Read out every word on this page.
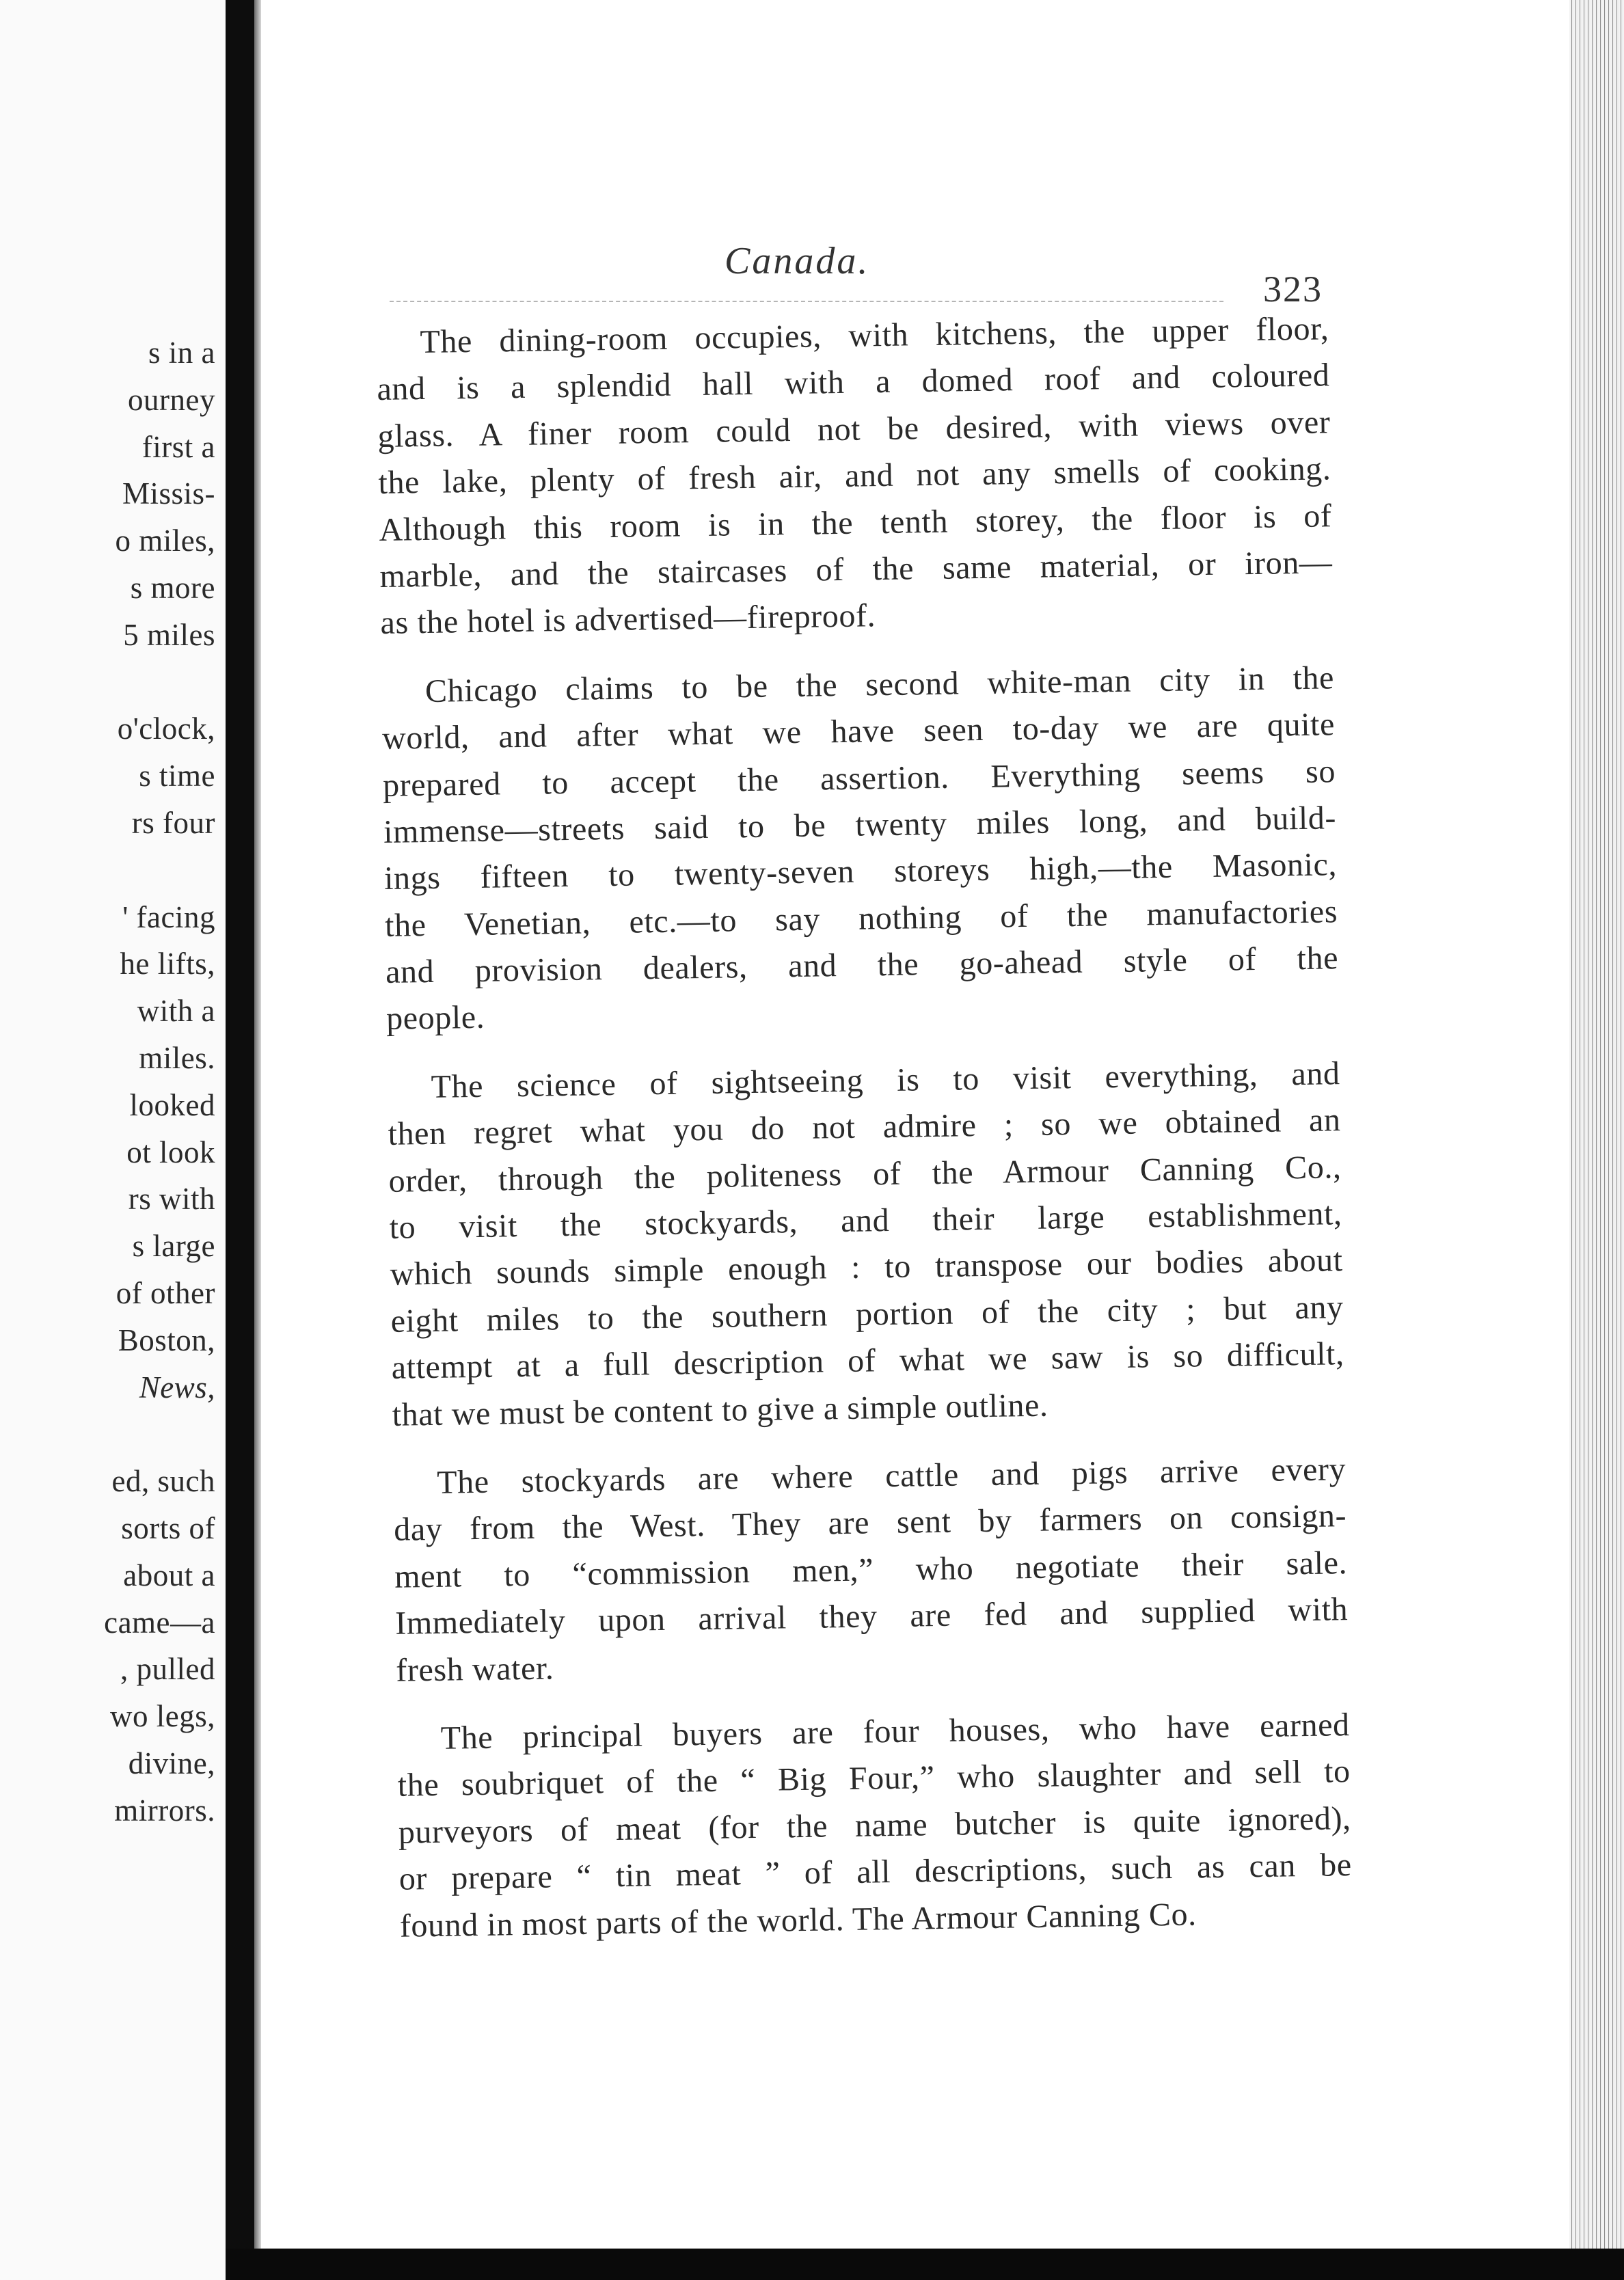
s in a
ourney
first a
Missis-
o miles,
s more
5 miles
o'clock,
s time
rs four
' facing
he lifts,
with a
miles.
looked
ot look
rs with
s large
of other
Boston,
News,
ed, such
sorts of
about a
came—a
, pulled
wo legs,
divine,
mirrors.
Canada.
323
The dining-room occupies, with kitchens, the upper floor,
and is a splendid hall with a domed roof and coloured
glass. A finer room could not be desired, with views over
the lake, plenty of fresh air, and not any smells of cooking.
Although this room is in the tenth storey, the floor is of
marble, and the staircases of the same material, or iron—
as the hotel is advertised—fireproof.
Chicago claims to be the second white-man city in the
world, and after what we have seen to-day we are quite
prepared to accept the assertion. Everything seems so
immense—streets said to be twenty miles long, and build-
ings fifteen to twenty-seven storeys high,—the Masonic,
the Venetian, etc.—to say nothing of the manufactories
and provision dealers, and the go-ahead style of the
people.
The science of sightseeing is to visit everything, and
then regret what you do not admire ; so we obtained an
order, through the politeness of the Armour Canning Co.,
to visit the stockyards, and their large establishment,
which sounds simple enough : to transpose our bodies about
eight miles to the southern portion of the city ; but any
attempt at a full description of what we saw is so difficult,
that we must be content to give a simple outline.
The stockyards are where cattle and pigs arrive every
day from the West. They are sent by farmers on consign-
ment to “commission men,” who negotiate their sale.
Immediately upon arrival they are fed and supplied with
fresh water.
The principal buyers are four houses, who have earned
the soubriquet of the “ Big Four,” who slaughter and sell to
purveyors of meat (for the name butcher is quite ignored),
or prepare “ tin meat ” of all descriptions, such as can be
found in most parts of the world. The Armour Canning Co.
